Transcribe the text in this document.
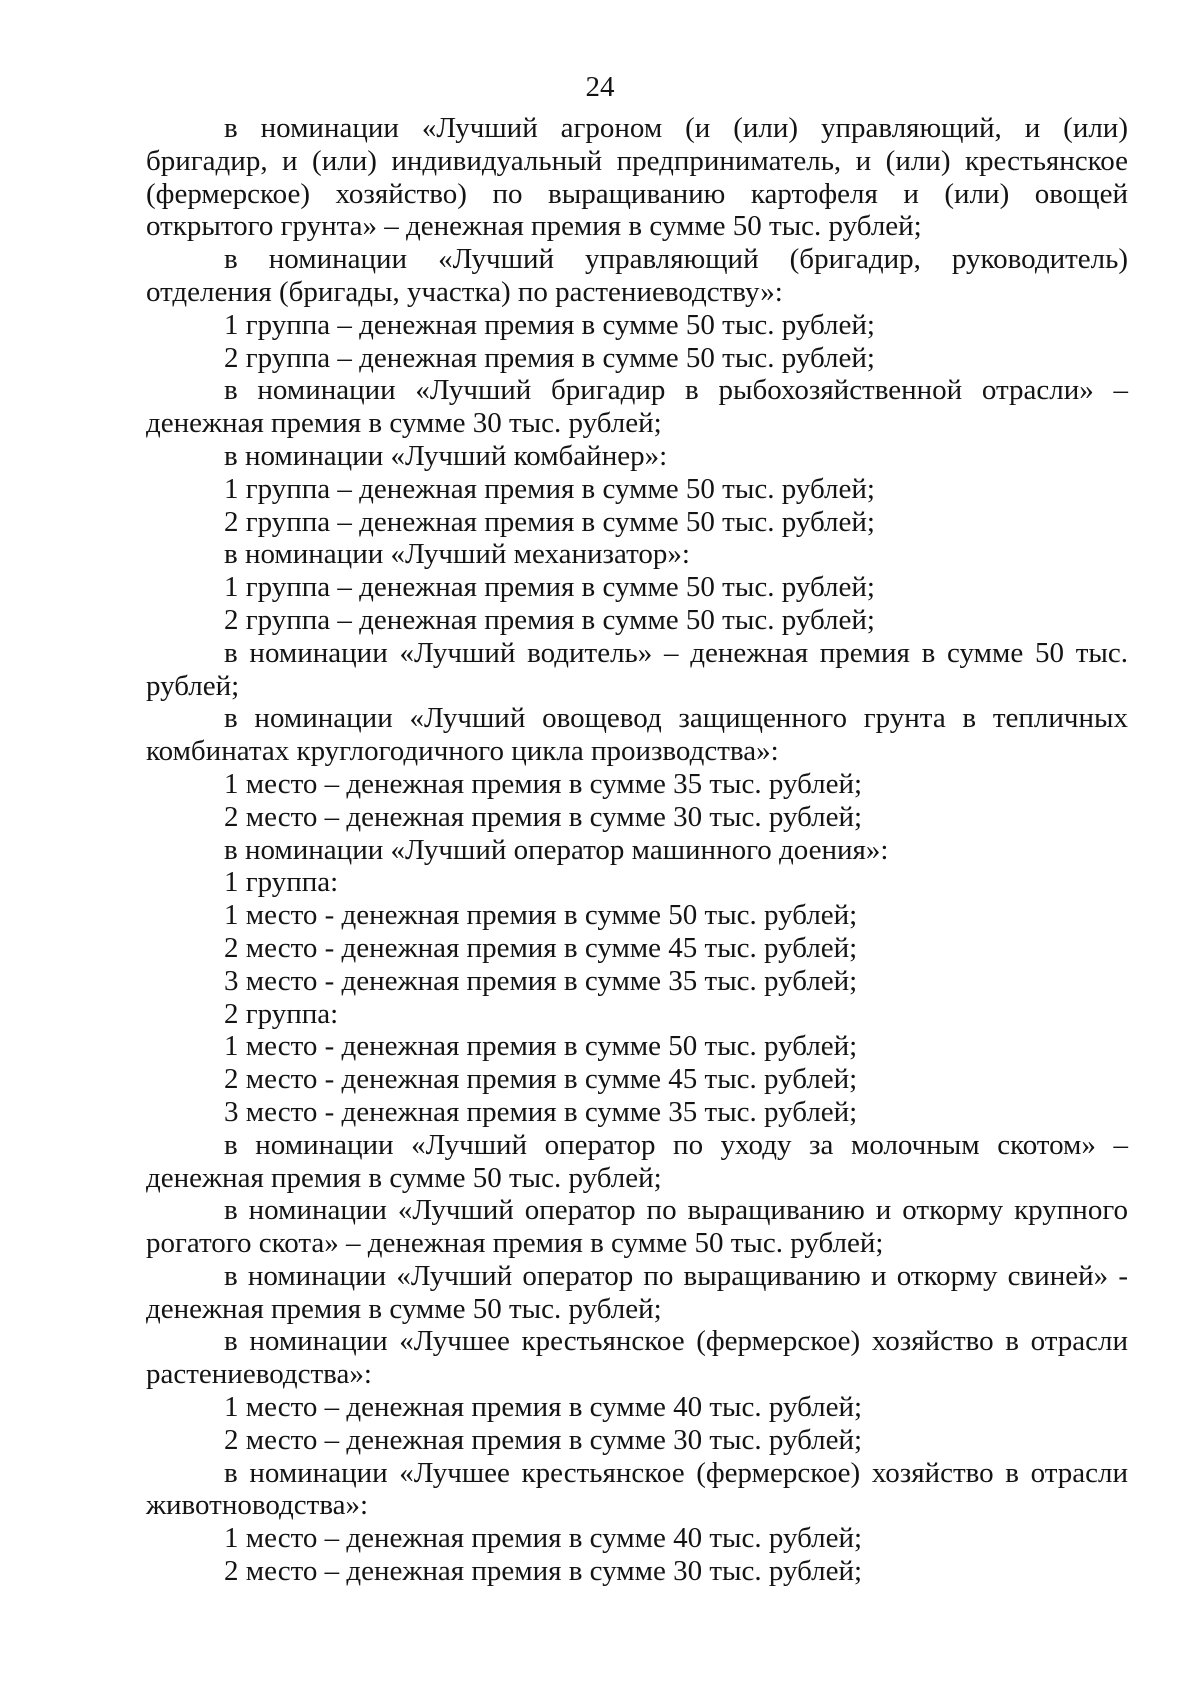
24

в номинации «Лучший агроном (и (или) управляющий, и (или) бригадир, и (или) индивидуальный предприниматель, и (или) крестьянское (фермерское) хозяйство) по выращиванию картофеля и (или) овощей открытого грунта» – денежная премия в сумме 50 тыс. рублей;

в номинации «Лучший управляющий (бригадир, руководитель) отделения (бригады, участка) по растениеводству»:

1 группа – денежная премия в сумме 50 тыс. рублей;

2 группа – денежная премия в сумме 50 тыс. рублей;

в номинации «Лучший бригадир в рыбохозяйственной отрасли» – денежная премия в сумме 30 тыс. рублей;

в номинации «Лучший комбайнер»:

1 группа – денежная премия в сумме 50 тыс. рублей;

2 группа – денежная премия в сумме 50 тыс. рублей;

в номинации «Лучший механизатор»:

1 группа – денежная премия в сумме 50 тыс. рублей;

2 группа – денежная премия в сумме 50 тыс. рублей;

в номинации «Лучший водитель» – денежная премия в сумме 50 тыс. рублей;

в номинации «Лучший овощевод защищенного грунта в тепличных комбинатах круглогодичного цикла производства»:

1 место – денежная премия в сумме 35 тыс. рублей;

2 место – денежная премия в сумме 30 тыс. рублей;

в номинации «Лучший оператор машинного доения»:

1 группа:

1 место - денежная премия в сумме 50 тыс. рублей;

2 место - денежная премия в сумме 45 тыс. рублей;

3 место - денежная премия в сумме 35 тыс. рублей;

2 группа:

1 место - денежная премия в сумме 50 тыс. рублей;

2 место - денежная премия в сумме 45 тыс. рублей;

3 место - денежная премия в сумме 35 тыс. рублей;

в номинации «Лучший оператор по уходу за молочным скотом» – денежная премия в сумме 50 тыс. рублей;

в номинации «Лучший оператор по выращиванию и откорму крупного рогатого скота» – денежная премия в сумме 50 тыс. рублей;

в номинации «Лучший оператор по выращиванию и откорму свиней» - денежная премия в сумме 50 тыс. рублей;

в номинации «Лучшее крестьянское (фермерское) хозяйство в отрасли растениеводства»:

1 место – денежная премия в сумме 40 тыс. рублей;

2 место – денежная премия в сумме 30 тыс. рублей;

в номинации «Лучшее крестьянское (фермерское) хозяйство в отрасли животноводства»:

1 место – денежная премия в сумме 40 тыс. рублей;

2 место – денежная премия в сумме 30 тыс. рублей;
